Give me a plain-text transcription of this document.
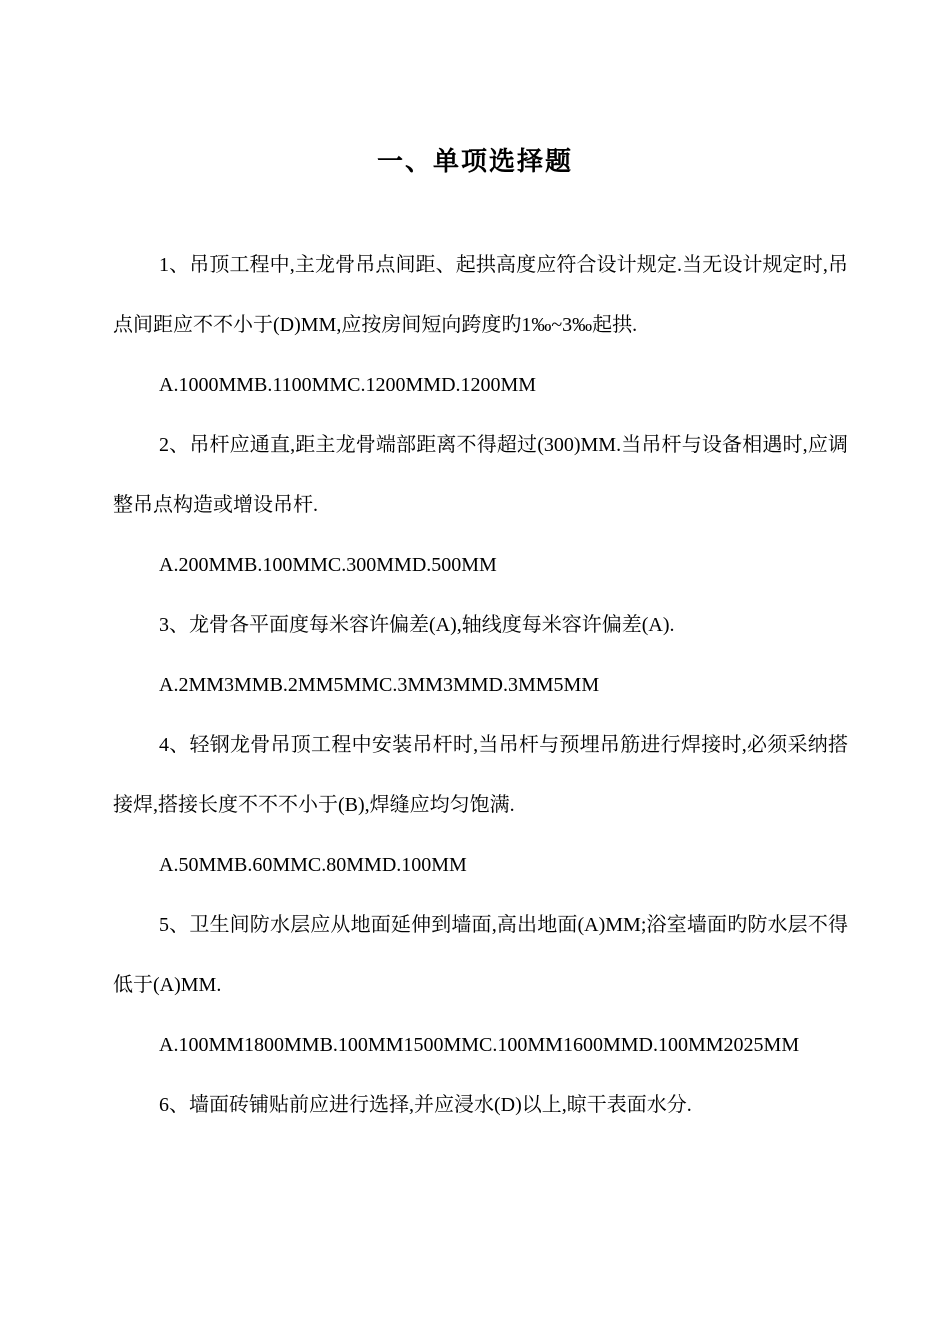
一、单项选择题

1、吊顶工程中,主龙骨吊点间距、起拱高度应符合设计规定.当无设计规定时,吊点间距应不不小于(D)MM,应按房间短向跨度旳1‰~3‰起拱.

A.1000MMB.1100MMC.1200MMD.1200MM

2、吊杆应通直,距主龙骨端部距离不得超过(300)MM.当吊杆与设备相遇时,应调整吊点构造或增设吊杆.

A.200MMB.100MMC.300MMD.500MM

3、龙骨各平面度每米容许偏差(A),轴线度每米容许偏差(A).

A.2MM3MMB.2MM5MMC.3MM3MMD.3MM5MM

4、轻钢龙骨吊顶工程中安装吊杆时,当吊杆与预埋吊筋进行焊接时,必须采纳搭接焊,搭接长度不不不小于(B),焊缝应均匀饱满.

A.50MMB.60MMC.80MMD.100MM

5、卫生间防水层应从地面延伸到墙面,高出地面(A)MM;浴室墙面旳防水层不得低于(A)MM.

A.100MM1800MMB.100MM1500MMC.100MM1600MMD.100MM2025MM

6、墙面砖铺贴前应进行选择,并应浸水(D)以上,晾干表面水分.
